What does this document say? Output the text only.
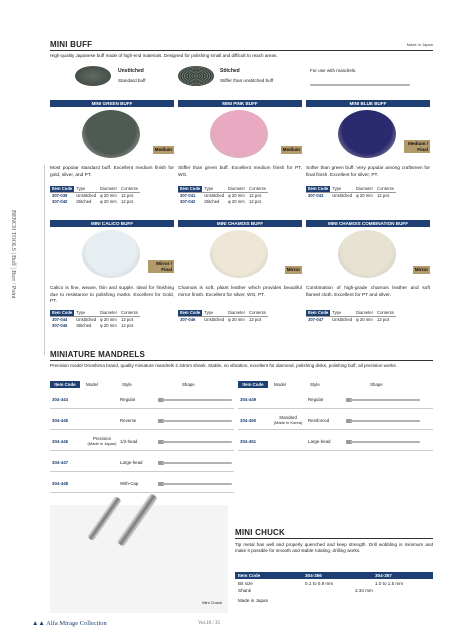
MINI BUFF	Made in Japan
High-quality Japanese buff made of high-end materials. Designed for polishing small and difficult to reach areas.
Unstitched
Standard buff
Stitched
Stiffer than unstitched buff
For use with mandrels.
BENCH TOOLS | Buff | Burr / Point
MINI GREEN BUFF
Medium
Most popular standard buff. Excellent medium finish for gold, silver, and PT.
Item Code	Type	Diameter	Contents
307-039	Unstitched	φ 20 mm	12 pcs
307-040	Stitched	φ 20 mm	12 pcs
MINI PINK BUFF
Medium
Stiffer than green buff. Excellent medium finish for PT, WG.
Item Code	Type	Diameter	Contents
307-041	Unstitched	φ 20 mm	12 pcs
307-042	Stitched	φ 20 mm	12 pcs
MINI BLUE BUFF
Medium / Final
Softer than green buff. Very popular among craftsmen for final finish. Excellent for silver, PT.
Item Code	Type	Diameter	Contents
307-043	Unstitched	φ 20 mm	12 pcs
MINI CALICO BUFF
Mirror / Final
Calico is fine, weave, thin and supple. Ideal for finishing due to resistance to polishing marks. Excellent for Gold, PT.
Item Code	Type	Diameter	Contents
307-044	Unstitched	φ 20 mm	12 pcs
307-045	Stitched	φ 20 mm	12 pcs
MINI CHAMOIS BUFF
Mirror
Chamois is soft, pliant leather which provides beautiful mirror finish. Excellent for silver, WG, PT.
Item Code	Type	Diameter	Contents
307-046	Unstitched	φ 20 mm	12 pcs
MINI CHAMOIS COMBINATION BUFF
Mirror
Combination of high-grade chamois leather and soft flannel cloth. Excellent for PT and silver.
Item Code	Type	Diameter	Contents
307-047	Unstitched	φ 20 mm	12 pcs
MINIATURE MANDRELS
Precision model Onoshima brand, quality miniature mandrels 2.34mm shank. Stable, no vibration, excellent for diamond, polishing disks, polishing buff, all precision works.
Item Code	Model	Style	Shape
Precision
(Made in Japan)
304-444	Regular
304-445	Reverse
304-446	1/2-head
304-447	Large-head
304-448	With-Cap
Item Code	Model	Style	Shape
Standard
(Made in Korea)
304-449	Regular
304-450	Reinforced
304-451	Large-head
Mini Chuck
MINI CHUCK
Tip metal has well and properly quenched and keep strength. Drill wobbling is minimum and make it possible for smooth and stable rotating, drilling works.
Item Code	304-356	304-357
Bit size	0.1 to 0.9 mm	1.0 to 1.5 mm
Shank	2.34 mm
Made in Japan
▲▲ Alfa Mirage Collection	Vol.10 / 35
